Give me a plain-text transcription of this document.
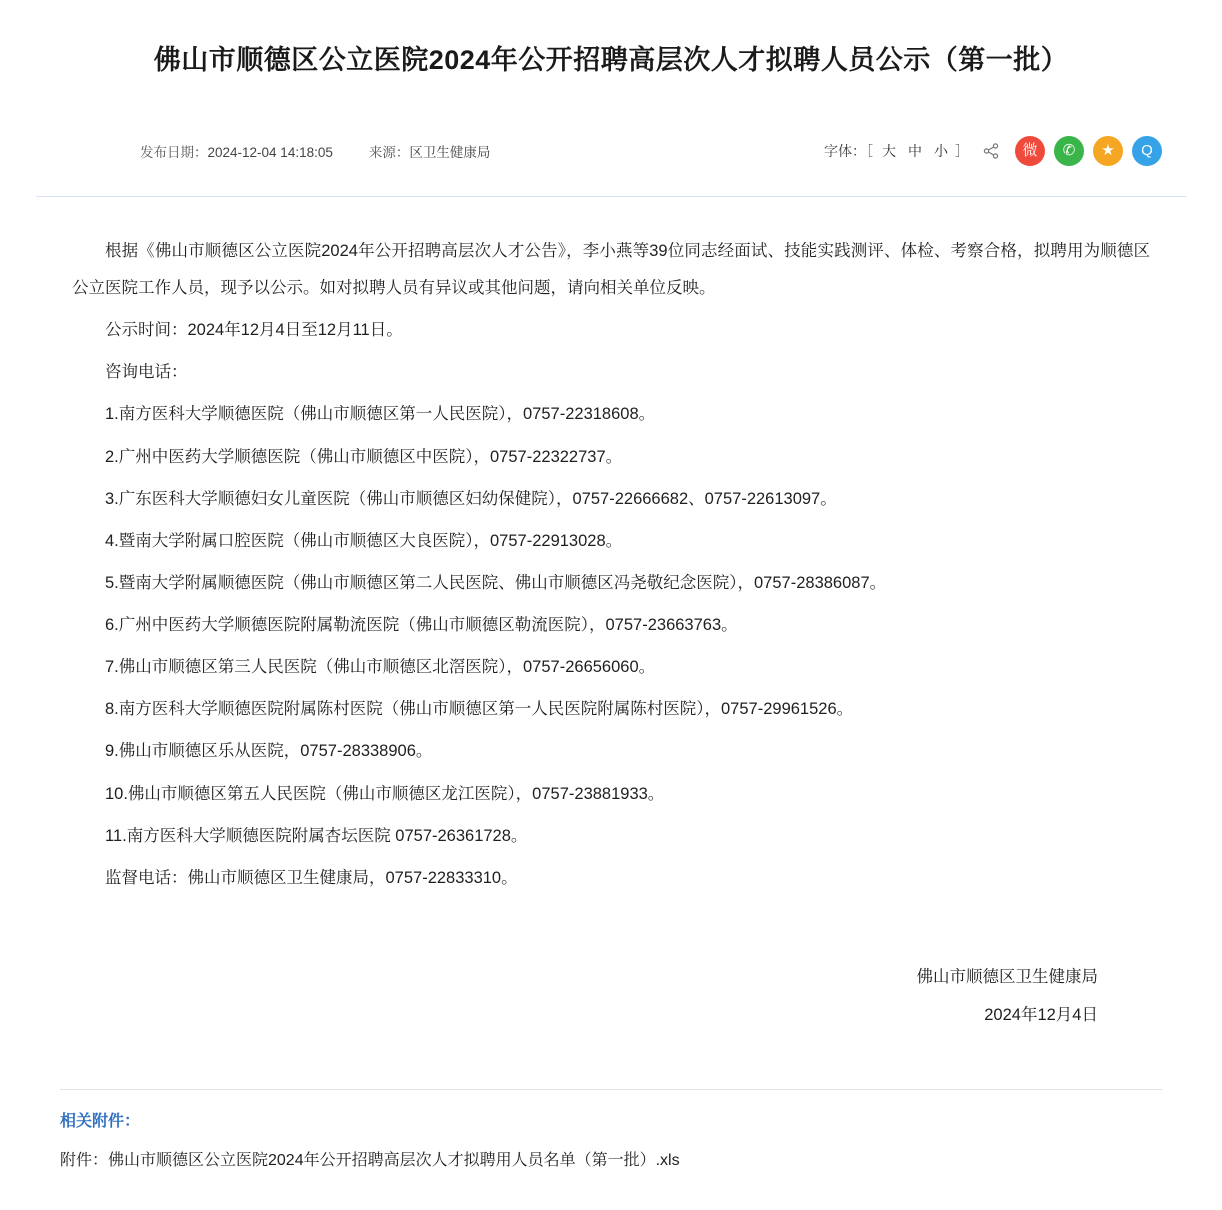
佛山市顺德区公立医院2024年公开招聘高层次人才拟聘人员公示（第一批）
发布日期：2024-12-04 14:18:05	来源：区卫生健康局	字体：［ 大 中 小 ］	微	✆	★	Q

根据《佛山市顺德区公立医院2024年公开招聘高层次人才公告》，李小燕等39位同志经面试、技能实践测评、体检、考察合格，拟聘用为顺德区公立医院工作人员，现予以公示。如对拟聘人员有异议或其他问题，请向相关单位反映。

公示时间：2024年12月4日至12月11日。

咨询电话：

1.南方医科大学顺德医院（佛山市顺德区第一人民医院），0757-22318608。

2.广州中医药大学顺德医院（佛山市顺德区中医院），0757-22322737。

3.广东医科大学顺德妇女儿童医院（佛山市顺德区妇幼保健院），0757-22666682、0757-22613097。

4.暨南大学附属口腔医院（佛山市顺德区大良医院），0757-22913028。

5.暨南大学附属顺德医院（佛山市顺德区第二人民医院、佛山市顺德区冯尧敬纪念医院），0757-28386087。

6.广州中医药大学顺德医院附属勒流医院（佛山市顺德区勒流医院），0757-23663763。

7.佛山市顺德区第三人民医院（佛山市顺德区北滘医院），0757-26656060。

8.南方医科大学顺德医院附属陈村医院（佛山市顺德区第一人民医院附属陈村医院），0757-29961526。

9.佛山市顺德区乐从医院，0757-28338906。

10.佛山市顺德区第五人民医院（佛山市顺德区龙江医院），0757-23881933。

11.南方医科大学顺德医院附属杏坛医院 0757-26361728。

监督电话：佛山市顺德区卫生健康局，0757-22833310。

佛山市顺德区卫生健康局
2024年12月4日
相关附件：
附件：佛山市顺德区公立医院2024年公开招聘高层次人才拟聘用人员名单（第一批）.xls
